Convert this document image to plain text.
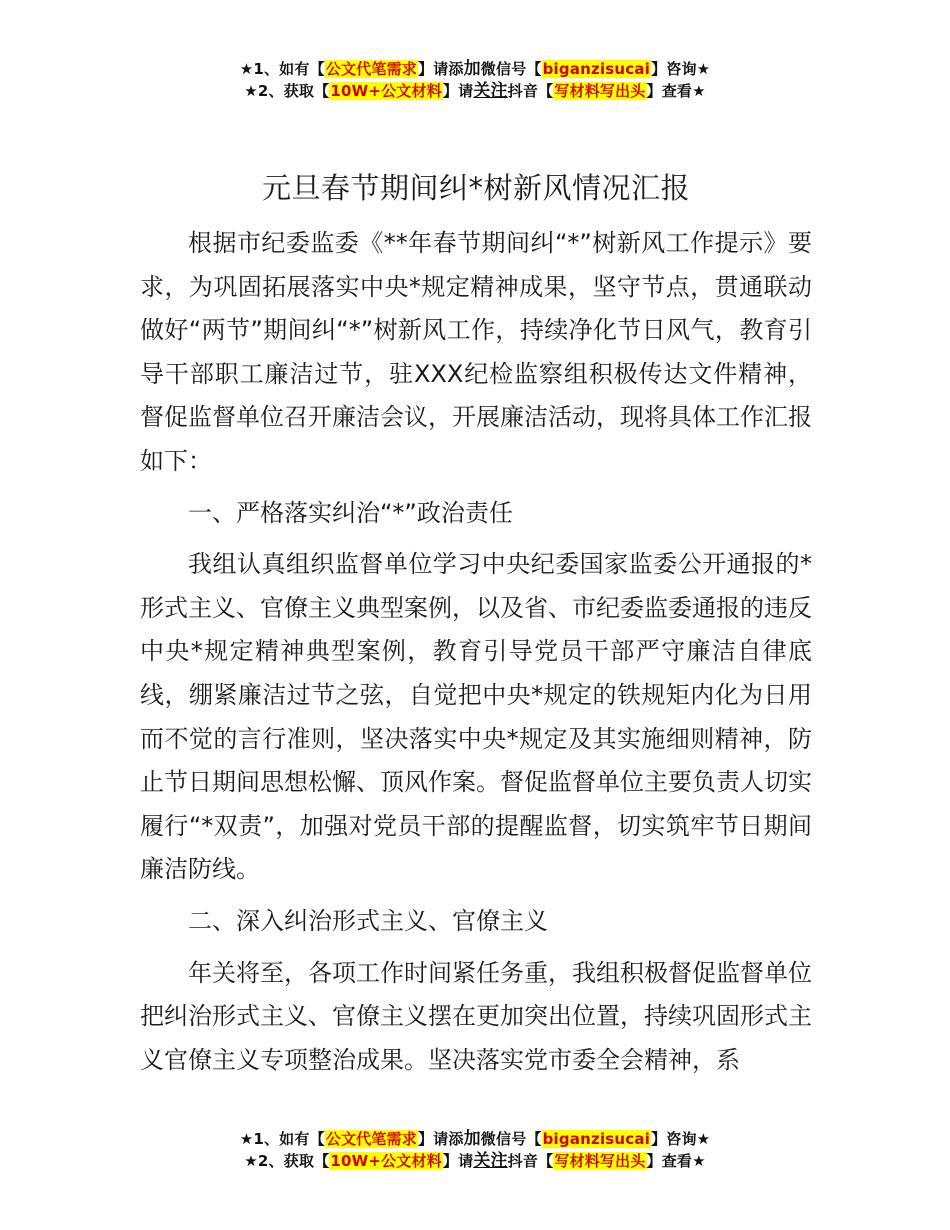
★1、如有【公文代笔需求】请添加微信号【biganzisucai】咨询★
★2、获取【10W+公文材料】请关注抖音【写材料写出头】查看★
元旦春节期间纠*树新风情况汇报

根据市纪委监委《**年春节期间纠“*”树新风工作提示》要求，为巩固拓展落实中央*规定精神成果，坚守节点，贯通联动做好“两节”期间纠“*”树新风工作，持续净化节日风气，教育引导干部职工廉洁过节，驻XXX纪检监察组积极传达文件精神，督促监督单位召开廉洁会议，开展廉洁活动，现将具体工作汇报如下：

一、严格落实纠治“*”政治责任

我组认真组织监督单位学习中央纪委国家监委公开通报的*形式主义、官僚主义典型案例，以及省、市纪委监委通报的违反中央*规定精神典型案例，教育引导党员干部严守廉洁自律底线，绷紧廉洁过节之弦，自觉把中央*规定的铁规矩内化为日用而不觉的言行准则，坚决落实中央*规定及其实施细则精神，防止节日期间思想松懈、顶风作案。督促监督单位主要负责人切实履行“*双责”，加强对党员干部的提醒监督，切实筑牢节日期间廉洁防线。

二、深入纠治形式主义、官僚主义

年关将至，各项工作时间紧任务重，我组积极督促监督单位把纠治形式主义、官僚主义摆在更加突出位置，持续巩固形式主义官僚主义专项整治成果。坚决落实党市委全会精神，系

★1、如有【公文代笔需求】请添加微信号【biganzisucai】咨询★
★2、获取【10W+公文材料】请关注抖音【写材料写出头】查看★
